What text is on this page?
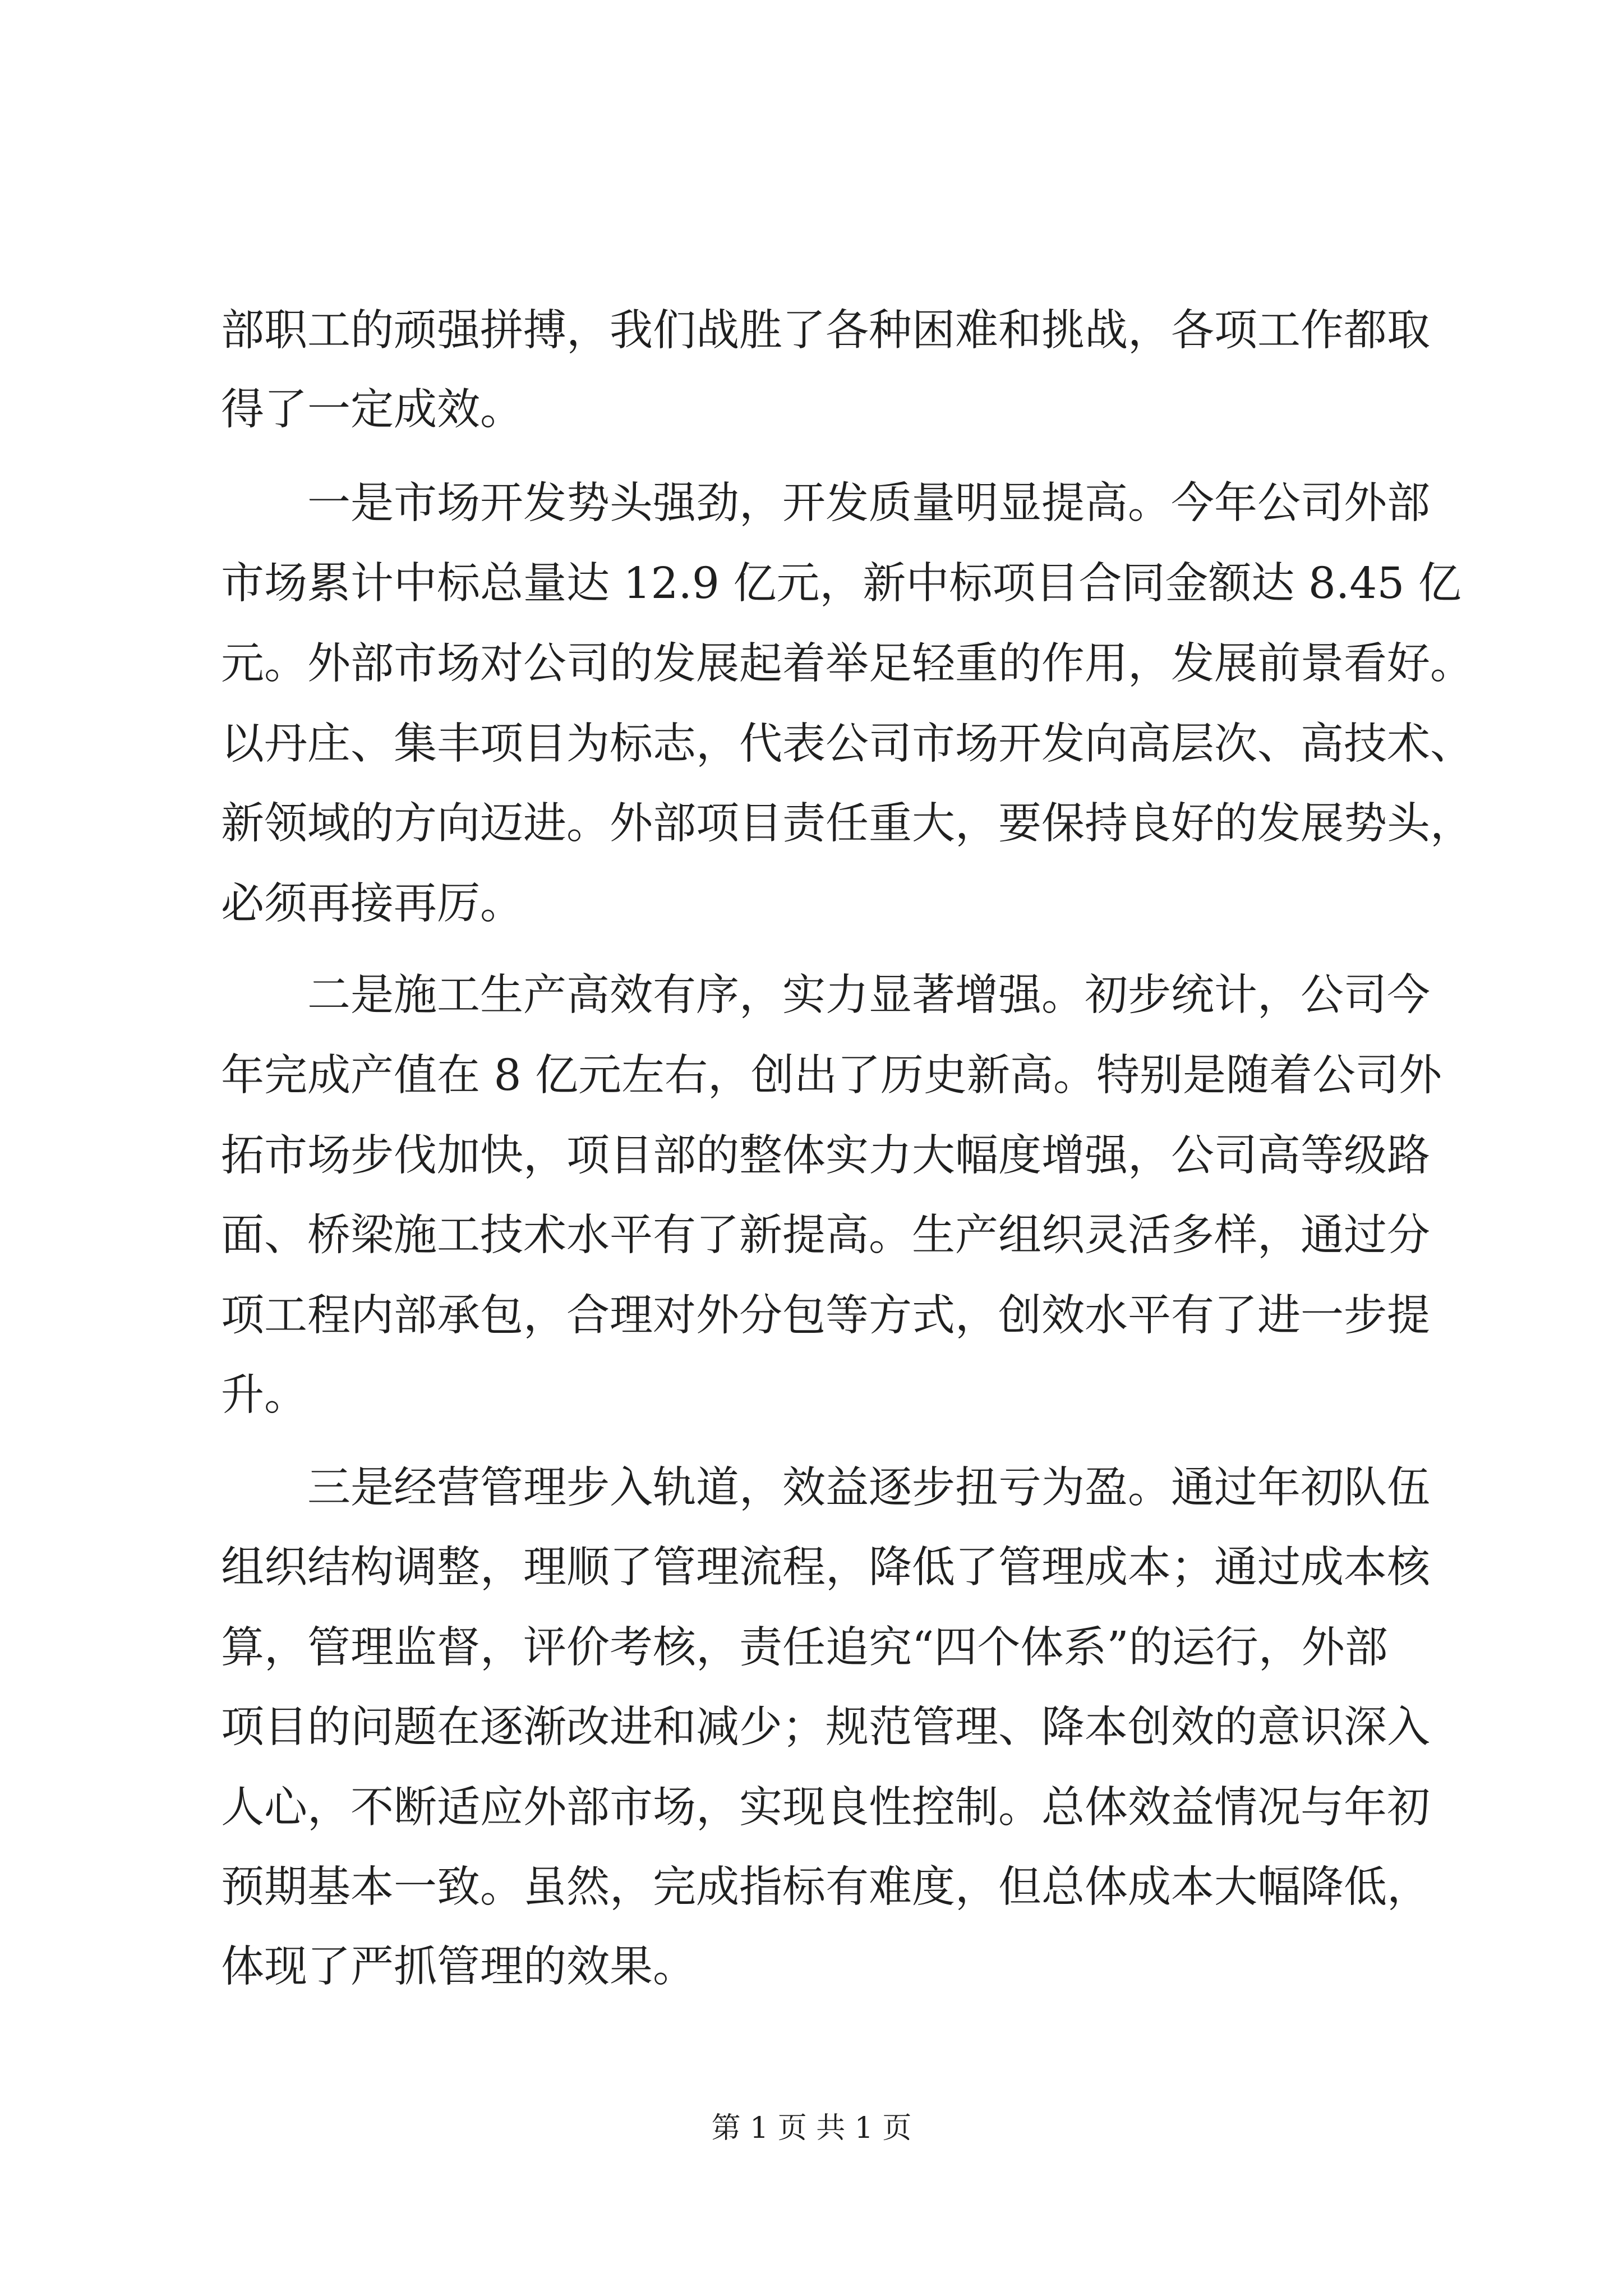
部职工的顽强拼搏，我们战胜了各种困难和挑战，各项工作都取
得了一定成效。
　　一是市场开发势头强劲，开发质量明显提高。今年公司外部
市场累计中标总量达 12.9 亿元，新中标项目合同金额达 8.45 亿
元。外部市场对公司的发展起着举足轻重的作用，发展前景看好。
以丹庄、集丰项目为标志，代表公司市场开发向高层次、高技术、
新领域的方向迈进。外部项目责任重大，要保持良好的发展势头，
必须再接再厉。
　　二是施工生产高效有序，实力显著增强。初步统计，公司今
年完成产值在 8 亿元左右，创出了历史新高。特别是随着公司外
拓市场步伐加快，项目部的整体实力大幅度增强，公司高等级路
面、桥梁施工技术水平有了新提高。生产组织灵活多样，通过分
项工程内部承包，合理对外分包等方式，创效水平有了进一步提
升。
　　三是经营管理步入轨道，效益逐步扭亏为盈。通过年初队伍
组织结构调整，理顺了管理流程，降低了管理成本；通过成本核
算，管理监督，评价考核，责任追究“四个体系”的运行，外部
项目的问题在逐渐改进和减少；规范管理、降本创效的意识深入
人心，不断适应外部市场，实现良性控制。总体效益情况与年初
预期基本一致。虽然，完成指标有难度，但总体成本大幅降低，
体现了严抓管理的效果。
第 1 页 共 1 页
